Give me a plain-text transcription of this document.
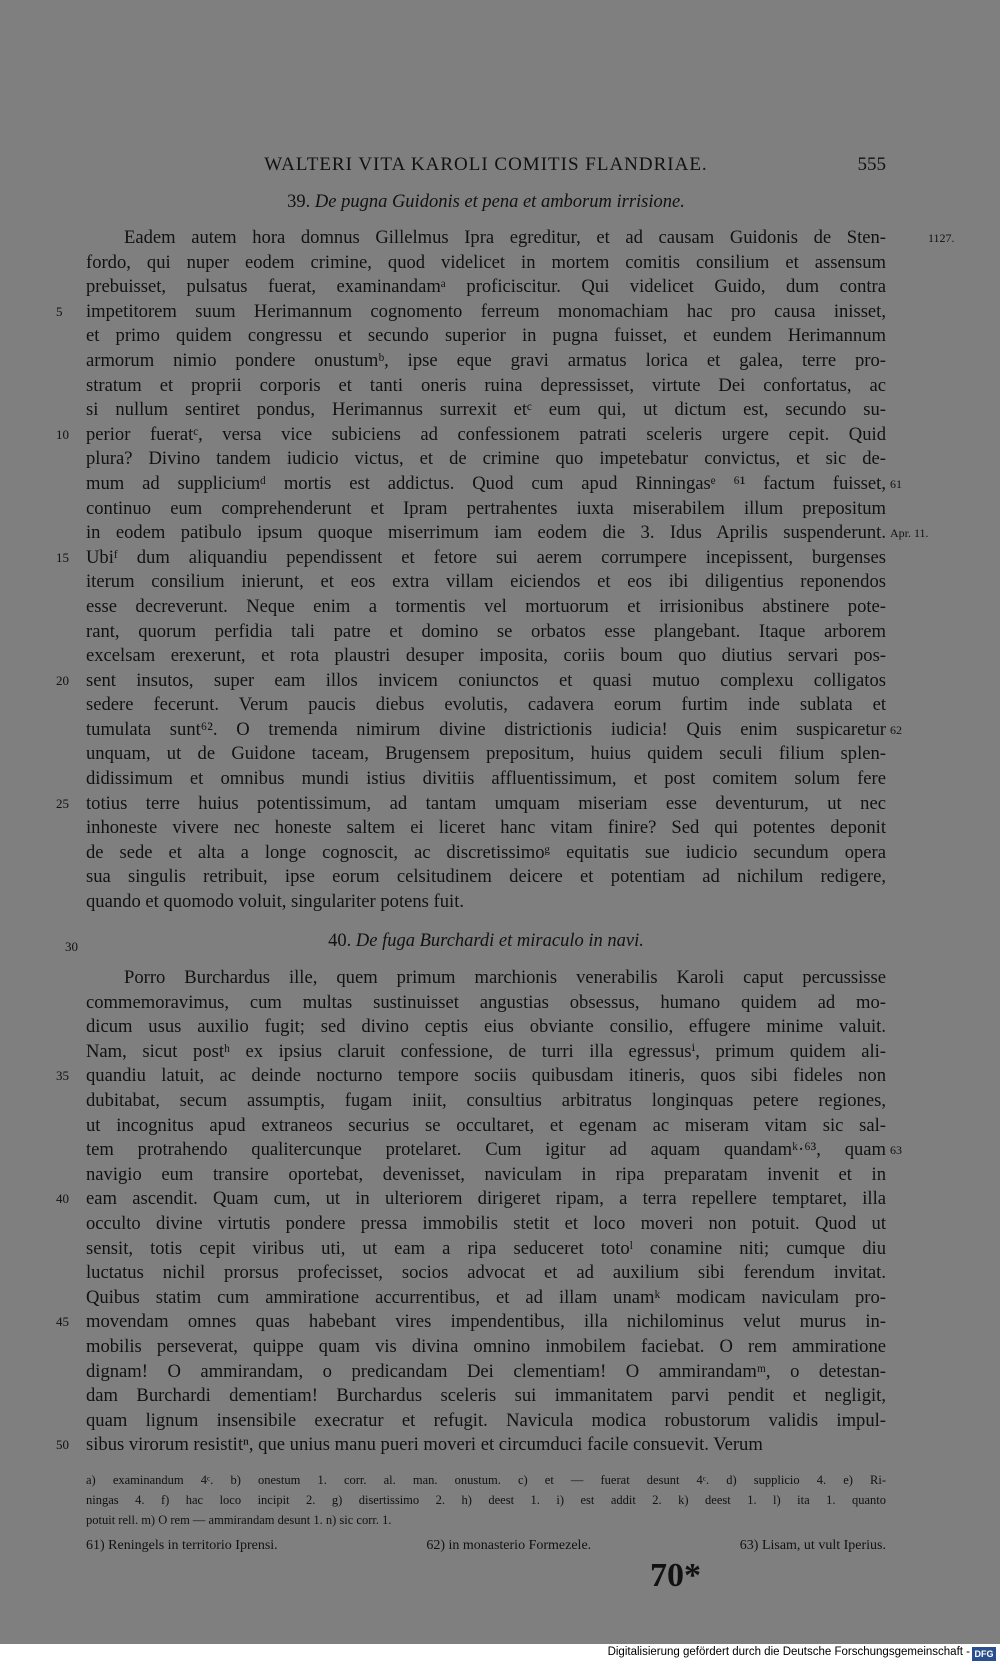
WALTERI VITA KAROLI COMITIS FLANDRIAE.	555
39. De pugna Guidonis et pena et amborum irrisione.
Eadem autem hora domnus Gillelmus Ipra egreditur, et ad causam Guidonis de Sten-	1127.
fordo, qui nuper eodem crimine, quod videlicet in mortem comitis consilium et assensum
prebuisset, pulsatus fuerat, examinandamᵃ proficiscitur. Qui videlicet Guido, dum contra
impetitorem suum Herimannum cognomento ferreum monomachiam hac pro causa inisset,
5
et primo quidem congressu et secundo superior in pugna fuisset, et eundem Herimannum
armorum nimio pondere onustumᵇ, ipse eque gravi armatus lorica et galea, terre pro-
stratum et proprii corporis et tanti oneris ruina depressisset, virtute Dei confortatus, ac
si nullum sentiret pondus, Herimannus surrexit etᶜ eum qui, ut dictum est, secundo su-
perior fueratᶜ, versa vice subiciens ad confessionem patrati sceleris urgere cepit. Quid
10
plura? Divino tandem iudicio victus, et de crimine quo impetebatur convictus, et sic de-
mum ad suppliciumᵈ mortis est addictus. Quod cum apud Rinningasᵉ ⁶¹ factum fuisset, 61
continuo eum comprehenderunt et Ipram pertrahentes iuxta miserabilem illum prepositum
in eodem patibulo ipsum quoque miserrimum iam eodem die 3. Idus Aprilis suspenderunt. Apr. 11.
Ubiᶠ dum aliquandiu pependissent et fetore sui aerem corrumpere incepissent, burgenses
15
iterum consilium inierunt, et eos extra villam eiciendos et eos ibi diligentius reponendos
esse decreverunt. Neque enim a tormentis vel mortuorum et irrisionibus abstinere pote-
rant, quorum perfidia tali patre et domino se orbatos esse plangebant. Itaque arborem
excelsam erexerunt, et rota plaustri desuper imposita, coriis boum quo diutius servari pos-
sent insutos, super eam illos invicem coniunctos et quasi mutuo complexu colligatos
20
sedere fecerunt. Verum paucis diebus evolutis, cadavera eorum furtim inde sublata et
tumulata sunt⁶². O tremenda nimirum divine districtionis iudicia! Quis enim suspicaretur 62
unquam, ut de Guidone taceam, Brugensem prepositum, huius quidem seculi filium splen-
didissimum et omnibus mundi istius divitiis affluentissimum, et post comitem solum fere
totius terre huius potentissimum, ad tantam umquam miseriam esse deventurum, ut nec
25
inhoneste vivere nec honeste saltem ei liceret hanc vitam finire? Sed qui potentes deponit
de sede et alta a longe cognoscit, ac discretissimoᵍ equitatis sue iudicio secundum opera
sua singulis retribuit, ipse eorum celsitudinem deicere et potentiam ad nichilum redigere,
quando et quomodo voluit, singulariter potens fuit.
30	40. De fuga Burchardi et miraculo in navi.
Porro Burchardus ille, quem primum marchionis venerabilis Karoli caput percussisse
commemoravimus, cum multas sustinuisset angustias obsessus, humano quidem ad mo-
dicum usus auxilio fugit; sed divino ceptis eius obviante consilio, effugere minime valuit.
Nam, sicut postʰ ex ipsius claruit confessione, de turri illa egressusⁱ, primum quidem ali-
quandiu latuit, ac deinde nocturno tempore sociis quibusdam itineris, quos sibi fideles non
35
dubitabat, secum assumptis, fugam iniit, consultius arbitratus longinquas petere regiones,
ut incognitus apud extraneos securius se occultaret, et egenam ac miseram vitam sic sal-
tem protrahendo qualitercunque protelaret. Cum igitur ad aquam quandamᵏ·⁶³, quam 63
navigio eum transire oportebat, devenisset, naviculam in ripa preparatam invenit et in
eam ascendit. Quam cum, ut in ulteriorem dirigeret ripam, a terra repellere temptaret, illa
40
occulto divine virtutis pondere pressa immobilis stetit et loco moveri non potuit. Quod ut
sensit, totis cepit viribus uti, ut eam a ripa seduceret totoˡ conamine niti; cumque diu
luctatus nichil prorsus profecisset, socios advocat et ad auxilium sibi ferendum invitat.
Quibus statim cum ammiratione accurrentibus, et ad illam unamᵏ modicam naviculam pro-
movendam omnes quas habebant vires impendentibus, illa nichilominus velut murus in-
45
mobilis perseverat, quippe quam vis divina omnino inmobilem faciebat. O rem ammiratione
dignam! O ammirandam, o predicandam Dei clementiam! O ammirandamᵐ, o detestan-
dam Burchardi dementiam! Burchardus sceleris sui immanitatem parvi pendit et negligit,
quam lignum insensibile execratur et refugit. Navicula modica robustorum validis impul-
sibus virorum resistitⁿ, que unius manu pueri moveri et circumduci facile consuevit. Verum
50
a) examinandum 4ᶜ. b) onestum 1. corr. al. man. onustum. c) et — fuerat desunt 4ᶜ. d) supplicio 4. e) Ri-
ningas 4. f) hac loco incipit 2. g) disertissimo 2. h) deest 1. i) est addit 2. k) deest 1. l) ita 1. quanto
potuit rell. m) O rem — ammirandam desunt 1. n) sic corr. 1.
61) Reningels in territorio Iprensi.	62) in monasterio Formezele.	63) Lisam, ut vult Iperius.
70*
Digitalisierung gefördert durch die Deutsche Forschungsgemeinschaft - DFG
